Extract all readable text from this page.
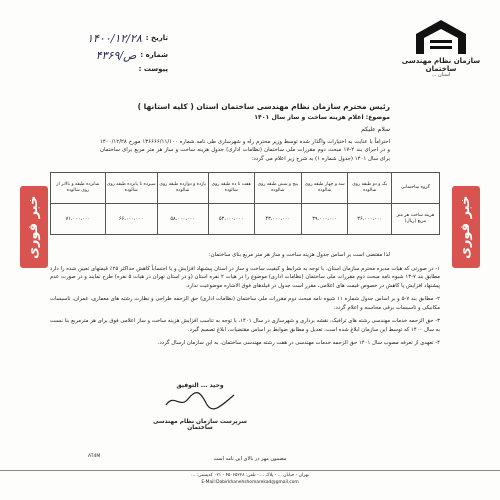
سازمان نظام مهندسی ساختمان
استان ...
تاریخ :
۱۴۰۰/۱۲/۲۸
شماره :
ص/۴۳۶۹
پیوست :
رئیس محترم سازمان نظام مهندسی ساختمان استان ( کلیه استانها )
موضوع: اعلام هزینه ساخت و ساز سال ۱۴۰۱
سلام علیکم
احتراماً با عنایت به اختیارات واگذار شده توسط وزیر محترم راه و شهرسازی طی نامه شماره ۱۳۶۶۶۶/۱۱/۱۰۰ مورخ ۱۴۰۰/۱۲/۲۸ و در اجرای بند ۲-۱۷ مبحث دوم مقررات ملی ساختمان (نظامات اداری) جدول هزینه ساخت و ساز هر متر مربع برای ساختمان برای سال ۱۴۰۱ (جدول شماره ۱) به شرح زیر اعلام می گردد:
خبر فوری
خبر فوری
گروه ساختمانی	یک و دو طبقه روی شالوده	سه و چهار طبقه روی شالوده	پنج و شش طبقه روی شالوده	هفت تا ده طبقه روی شالوده	یازده و دوازده طبقه روی شالوده	سیزده تا پانزده طبقه روی شالوده	شانزده طبقه و بالاتر از روی شالوده
هزینه ساخت هر متر مربع (ریال)	۳۶،۰۰۰،۰۰۰	۳۹،۰۰۰،۰۰۰	۴۳،۰۰۰،۰۰۰	۵۳،۰۰۰،۰۰۰	۵۸،۰۰۰،۰۰۰	۶۶،۰۰۰،۰۰۰	۷۱،۰۰۰،۰۰۰
لذا مقتضی است بر اساس جدول هزینه ساخت و ساز هر متر مربع بنای ساختمان:

۱- در صورتی که هیات مدیره محترم سازمان استان، با توجه به شرایط و کیفیت ساخت و ساز در استان پیشنهاد افزایش و یا احتساباً کاهش حداکثر ۲۵٪ قیمتهای تعیین شده را دارد مطابق بند ۷-۱۳ شیوه نامه مبحث دوم مقررات ملی ساختمان (نظامات اداری) موضوع را در هیات ۲ نفره استان (و در استان تهران در هیات ۵ نفره) طرح نمایند و در صورت عدم پیشنهاد افزایش یا کاهش در خصوص قیمت های اعلامی، مقرر است جدول در فیلدهای فوق الاشاره موضوعیت ندارد.

۲- مطابق بند ۷-۵ و بر اساس جدول شماره ۱۱ شیوه نامه مبحث دوم مقررات ملی ساختمان (نظامات اداری) حق الزحمه طراحی و نظارت رشته های معماری، عمران، تاسیسات مکانیکی و تاسیسات برقی محاسبه و اعلام گردد.

۳- حق الزحمه خدمات مهندسی رشته های ترافیک، نقشه برداری و شهرسازی در سال ۱۴۰۱، با توجه به تناسب افزایش هزینه ساخت و ساز اعلامی فوق برای هر مترمربع بنا نسبت به سال ۱۴۰۰ که توسط این سازمان ابلاغ شده است، تعدیل و مطابق ضوابط بر اساس مقتضیات، ابلاغ تصمیم گیرد.

۴- تعهدی از تعرفه مصوب سال ۱۴۰۱ حق الزحمه خدمات مهندسی در هفت رشته مهندسی ساختمان، به این سازمان ارسال گردد.

وحید ... التوفیق
سرپرست سازمان نظام مهندسی ساختمان
AT4M	مضمون مهر در بالای این نامه است
تهران - خیابان ... - پلاک ... - تلفن: ۴۵۰۶۵۲۲۸ - ۰۲۱ کدپستی: ...
E-Mail:Dabirkhanehshomarekad@gmail.com
